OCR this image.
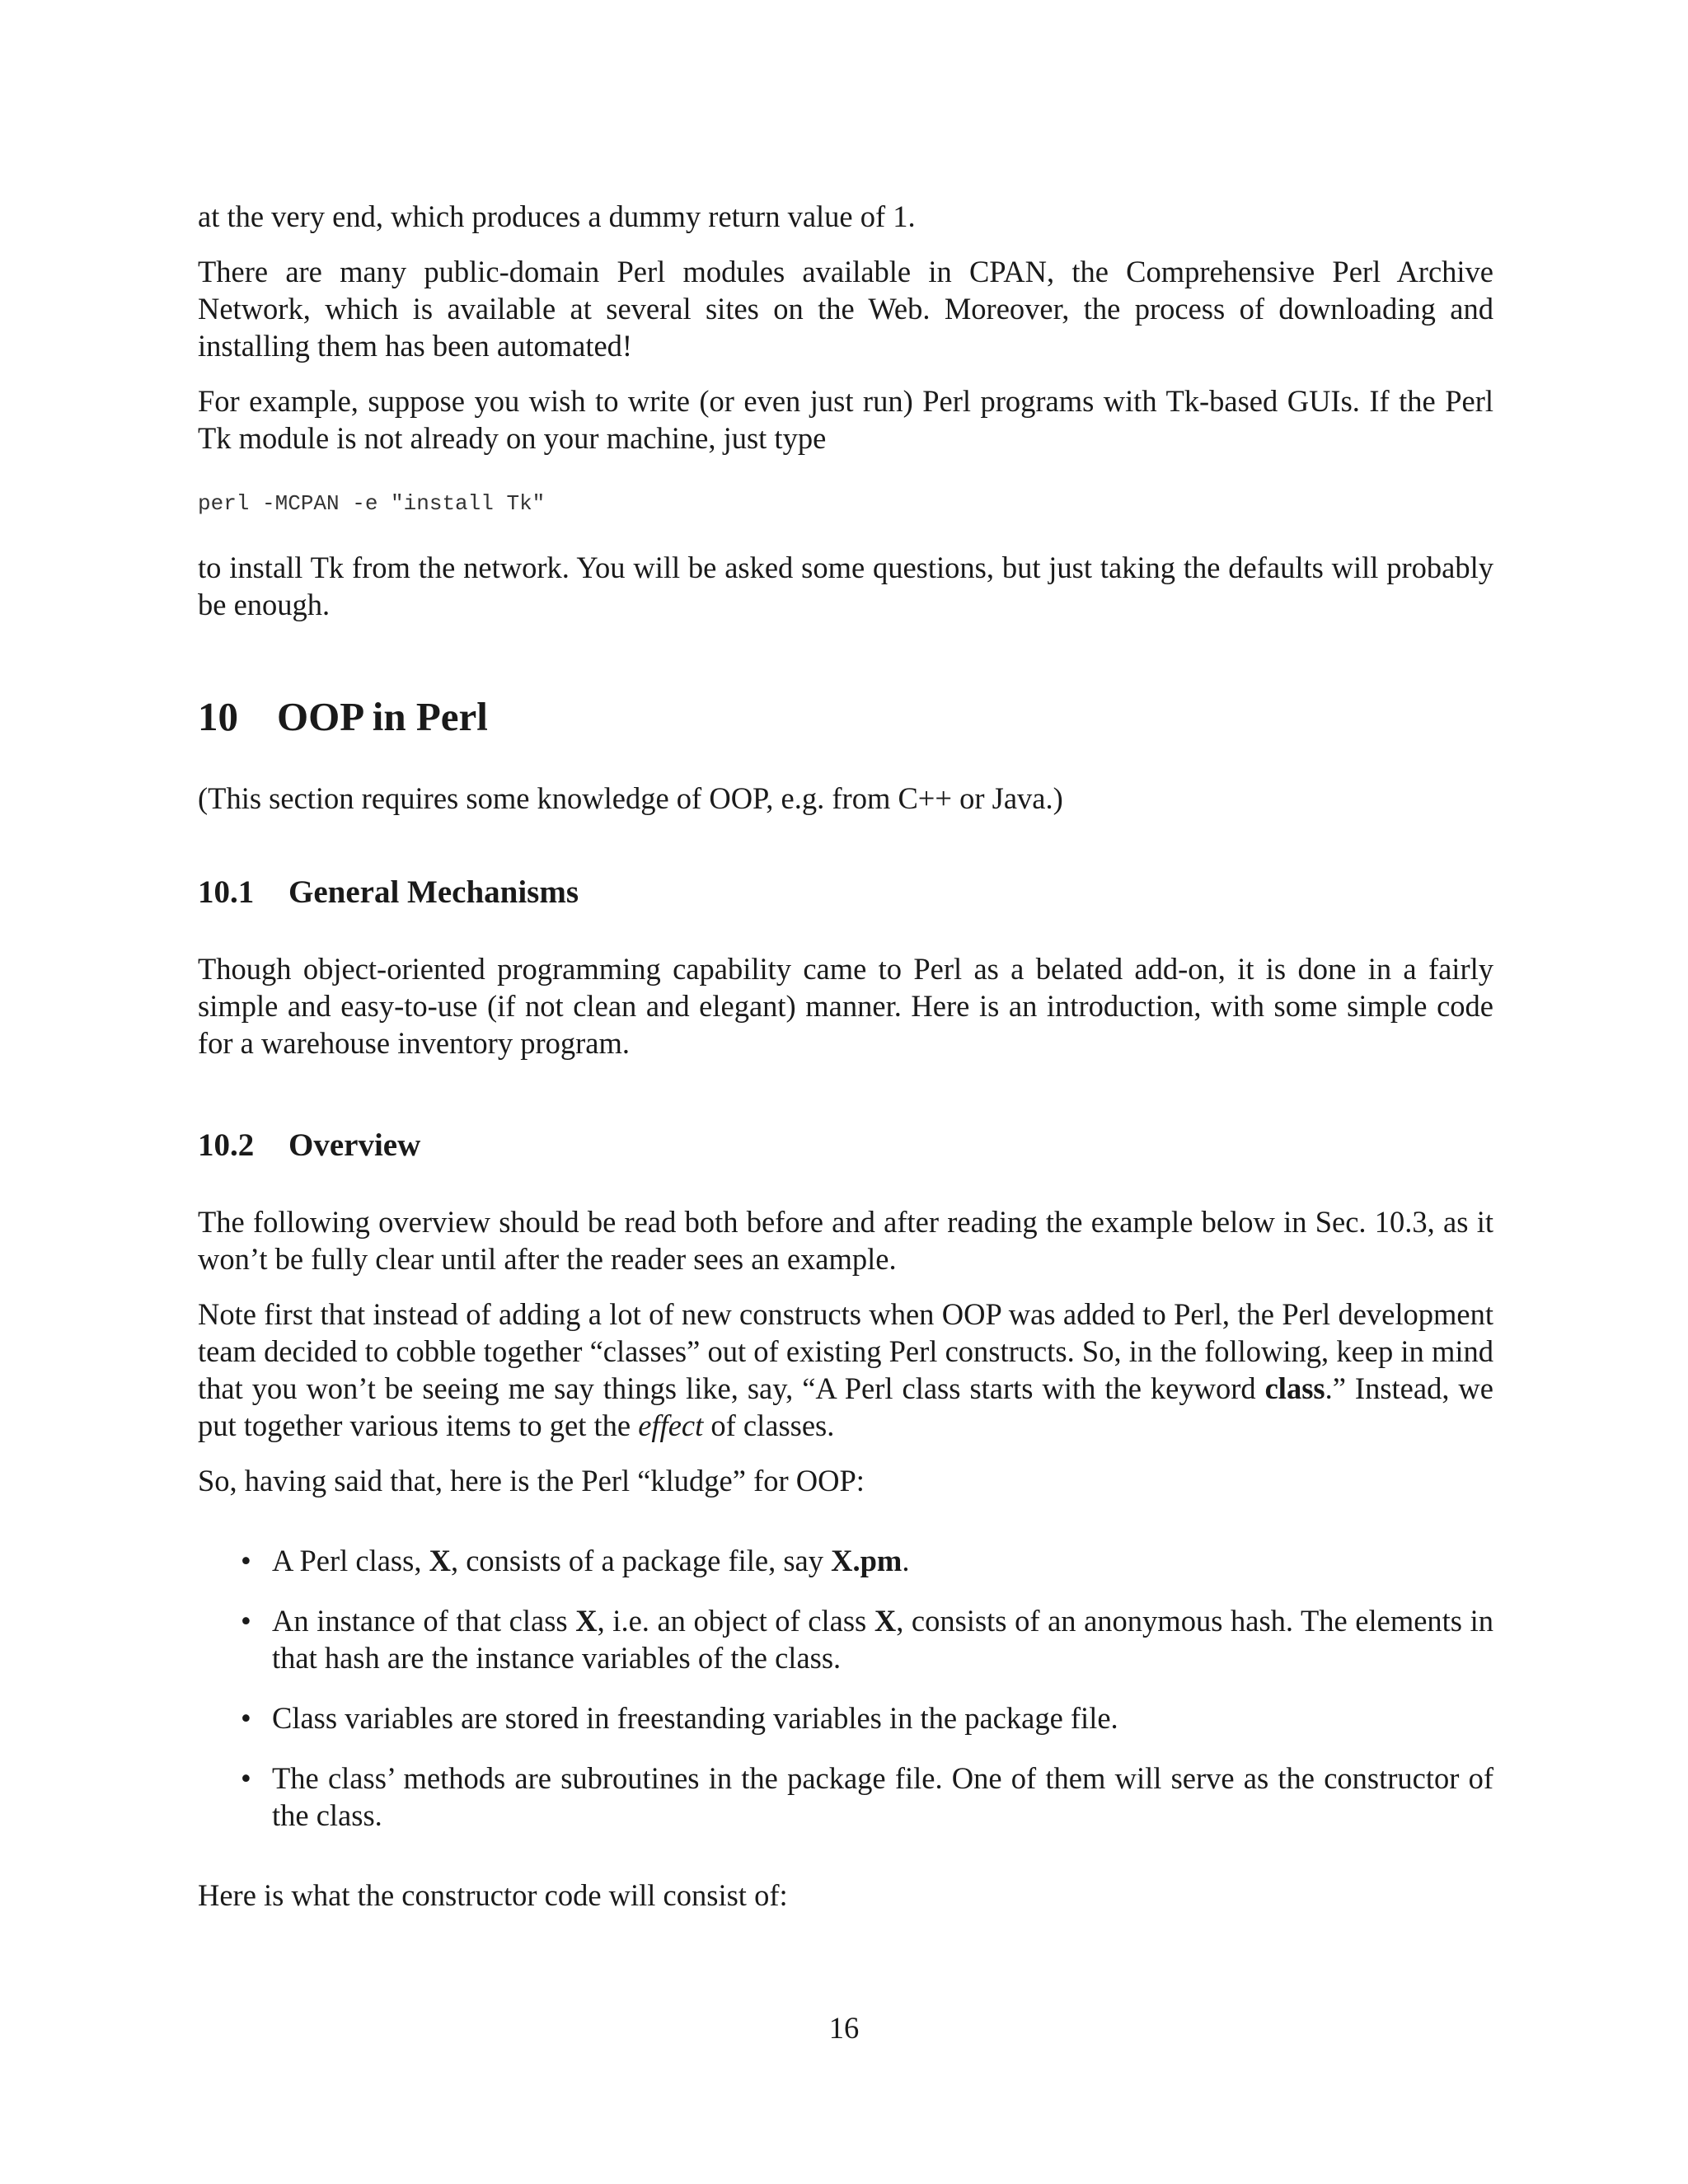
at the very end, which produces a dummy return value of 1.

There are many public-domain Perl modules available in CPAN, the Comprehensive Perl Archive Network, which is available at several sites on the Web. Moreover, the process of downloading and installing them has been automated!

For example, suppose you wish to write (or even just run) Perl programs with Tk-based GUIs. If the Perl Tk module is not already on your machine, just type

perl -MCPAN -e "install Tk"

to install Tk from the network. You will be asked some questions, but just taking the defaults will probably be enough.

10 OOP in Perl

(This section requires some knowledge of OOP, e.g. from C++ or Java.)

10.1 General Mechanisms

Though object-oriented programming capability came to Perl as a belated add-on, it is done in a fairly simple and easy-to-use (if not clean and elegant) manner. Here is an introduction, with some simple code for a warehouse inventory program.

10.2 Overview

The following overview should be read both before and after reading the example below in Sec. 10.3, as it won’t be fully clear until after the reader sees an example.

Note first that instead of adding a lot of new constructs when OOP was added to Perl, the Perl development team decided to cobble together “classes” out of existing Perl constructs. So, in the following, keep in mind that you won’t be seeing me say things like, say, “A Perl class starts with the keyword class.” Instead, we put together various items to get the effect of classes.

So, having said that, here is the Perl “kludge” for OOP:

• A Perl class, X, consists of a package file, say X.pm.
• An instance of that class X, i.e. an object of class X, consists of an anonymous hash. The elements in that hash are the instance variables of the class.
• Class variables are stored in freestanding variables in the package file.
• The class’ methods are subroutines in the package file. One of them will serve as the constructor of the class.

Here is what the constructor code will consist of:

16
